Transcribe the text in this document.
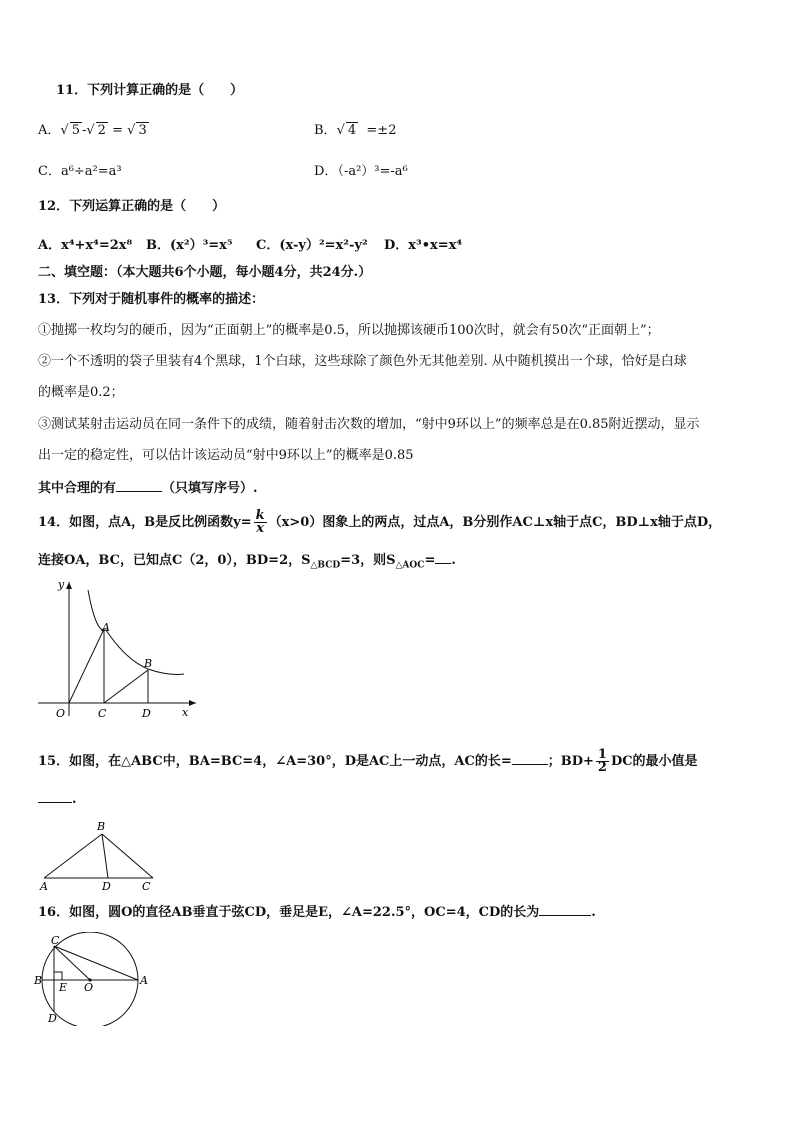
11．下列计算正确的是（　　）
A．√ 5 -√ 2 = √ 3	B．√ 4 =±2
C．a⁶÷a²=a³	D．（-a²）³=-a⁶
12．下列运算正确的是（　　）
A．x⁴+x⁴=2x⁸ B．(x²）³=x⁵ C．(x-y）²=x²-y² D．x³•x=x⁴
二、填空题：（本大题共6个小题，每小题4分，共24分.）
13．下列对于随机事件的概率的描述：
①抛掷一枚均匀的硬币，因为“正面朝上”的概率是0.5，所以抛掷该硬币100次时，就会有50次“正面朝上”；
②一个不透明的袋子里装有4个黑球，1个白球，这些球除了颜色外无其他差别. 从中随机摸出一个球，恰好是白球
的概率是0.2；
③测试某射击运动员在同一条件下的成绩，随着射击次数的增加，“射中9环以上”的频率总是在0.85附近摆动，显示
出一定的稳定性，可以估计该运动员“射中9环以上”的概率是0.85
其中合理的有	（只填写序号）.
14．如图，点A，B是反比例函数$y= \frac{k}{x} (x>0)$图象上的两点，过点A，B分别作AC⊥x轴于点C，BD⊥x轴于点D，
连接OA，BC，已知点C（2，0），BD=2，$S_{\triangle BCD}=3$，则$S_{\triangle AOC}=$ .
y
x
O
A
B
C	D
15．如图，在△ABC中，BA=BC=4，∠A=30°，D是AC上一动点，AC的长=	；$BD+ \frac{1}{2}$ DC的最小值是
.
B
A	D	C
16．如图，圆O的直径AB垂直于弦CD，垂足是E，∠A=22.5°，OC=4，CD的长为	.
C
B	A
E O
D
